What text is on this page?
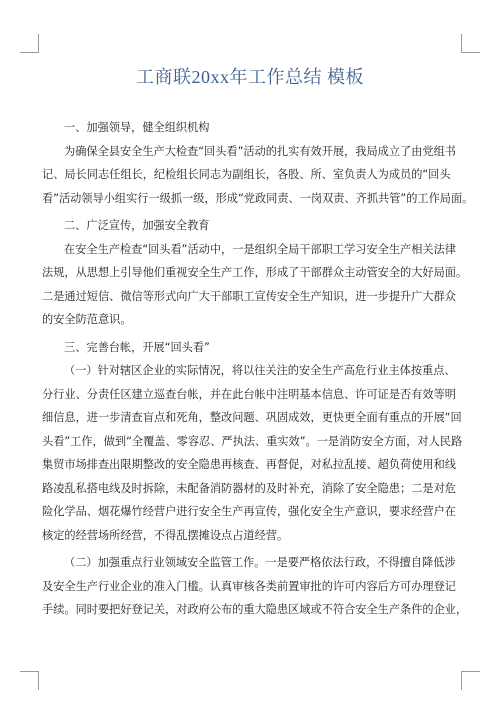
工商联20xx年工作总结 模板

一、加强领导，健全组织机构

为确保全县安全生产大检查“回头看”活动的扎实有效开展，我局成立了由党组书

记、局长同志任组长，纪检组长同志为副组长，各股、所、室负责人为成员的“回头

看”活动领导小组实行一级抓一级，形成“党政同责、一岗双责、齐抓共管”的工作局面。

二、广泛宣传，加强安全教育

在安全生产检查“回头看”活动中，一是组织全局干部职工学习安全生产相关法律

法规，从思想上引导他们重视安全生产工作，形成了干部群众主动管安全的大好局面。

二是通过短信、微信等形式向广大干部职工宣传安全生产知识，进一步提升广大群众

的安全防范意识。

三、完善台帐，开展“回头看”

（一）针对辖区企业的实际情况，将以往关注的安全生产高危行业主体按重点、

分行业、分责任区建立巡查台帐，并在此台帐中注明基本信息、许可证是否有效等明

细信息，进一步清查盲点和死角，整改问题、巩固成效，更快更全面有重点的开展“回

头看”工作，做到“全覆盖、零容忍、严执法、重实效”。一是消防安全方面，对人民路

集贸市场排查出限期整改的安全隐患再核查、再督促，对私拉乱接、超负荷使用和线

路凌乱私搭电线及时拆除，未配备消防器材的及时补充，消除了安全隐患；二是对危

险化学品、烟花爆竹经营户进行安全生产再宣传，强化安全生产意识，要求经营户在

核定的经营场所经营，不得乱摆摊设点占道经营。

（二）加强重点行业领域安全监管工作。一是要严格依法行政，不得擅自降低涉

及安全生产行业企业的准入门槛。认真审核各类前置审批的许可内容后方可办理登记

手续。同时要把好登记关，对政府公布的重大隐患区域或不符合安全生产条件的企业，
